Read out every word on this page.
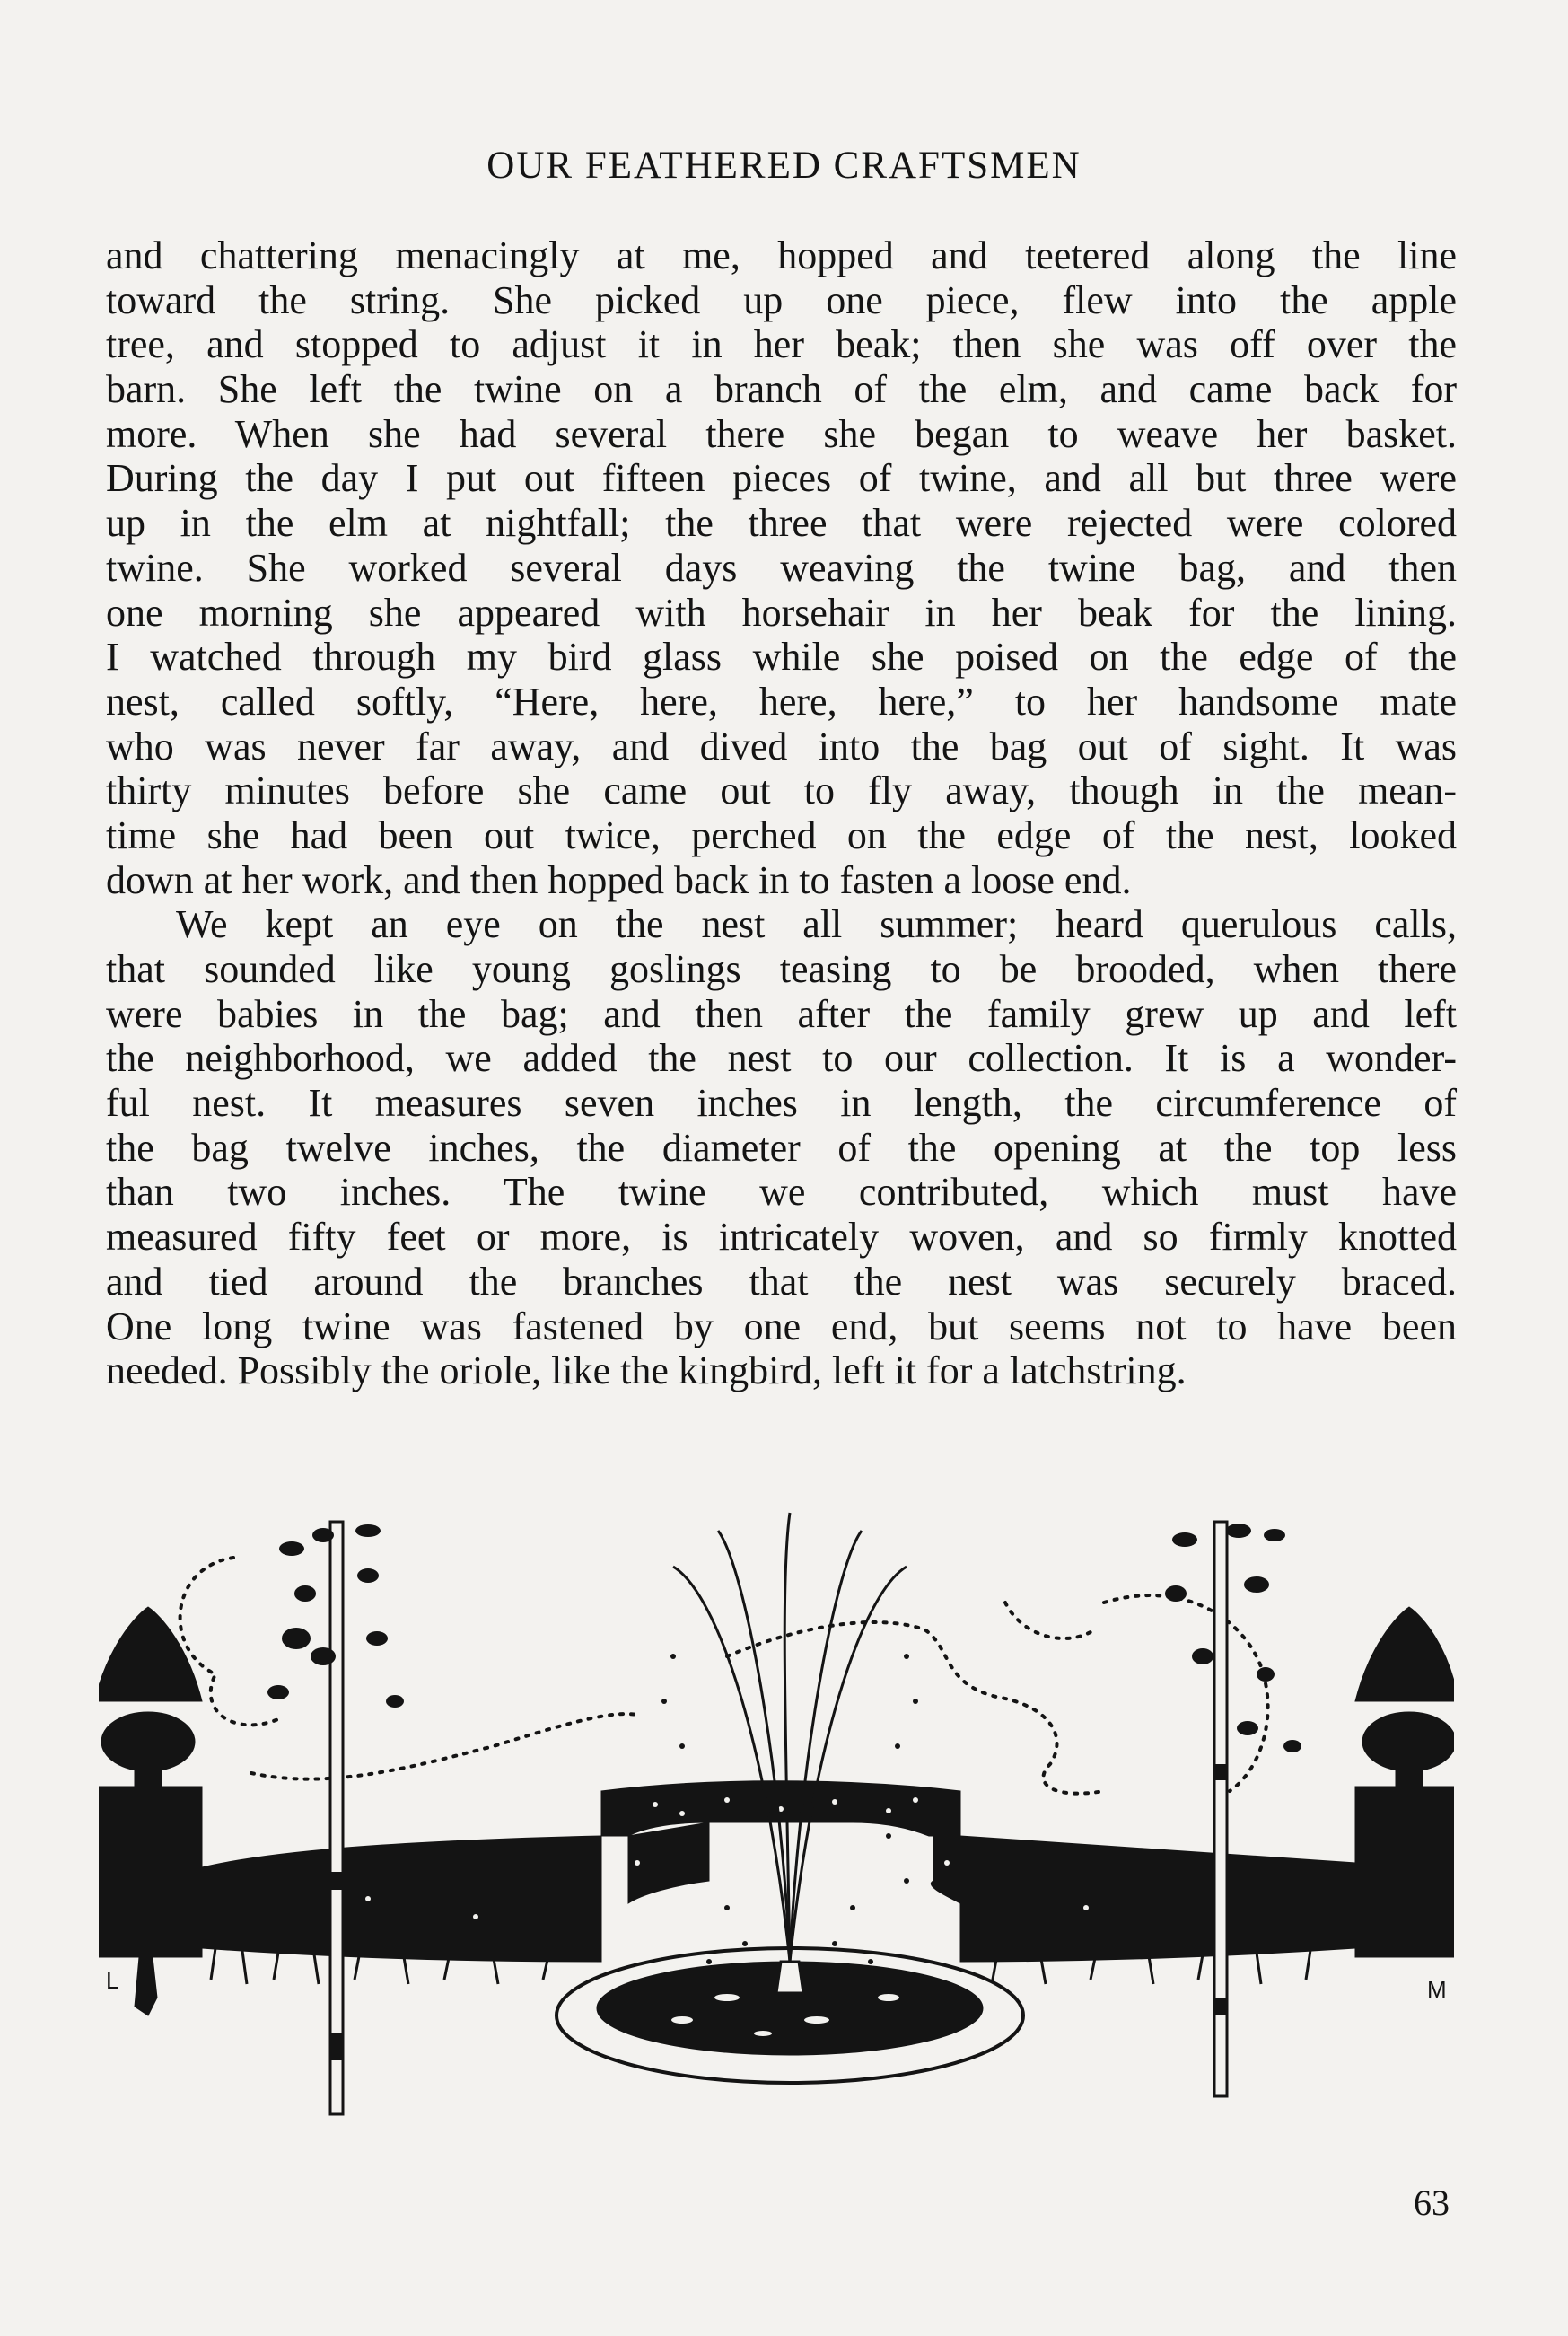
OUR FEATHERED CRAFTSMEN
and chattering menacingly at me, hopped and teetered along the line
toward the string. She picked up one piece, flew into the apple
tree, and stopped to adjust it in her beak; then she was off over the
barn. She left the twine on a branch of the elm, and came back for
more. When she had several there she began to weave her basket.
During the day I put out fifteen pieces of twine, and all but three were
up in the elm at nightfall; the three that were rejected were colored
twine. She worked several days weaving the twine bag, and then
one morning she appeared with horsehair in her beak for the lining.
I watched through my bird glass while she poised on the edge of the
nest, called softly, “Here, here, here, here,” to her handsome mate
who was never far away, and dived into the bag out of sight. It was
thirty minutes before she came out to fly away, though in the mean-
time she had been out twice, perched on the edge of the nest, looked
down at her work, and then hopped back in to fasten a loose end.
We kept an eye on the nest all summer; heard querulous calls,
that sounded like young goslings teasing to be brooded, when there
were babies in the bag; and then after the family grew up and left
the neighborhood, we added the nest to our collection. It is a wonder-
ful nest. It measures seven inches in length, the circumference of
the bag twelve inches, the diameter of the opening at the top less
than two inches. The twine we contributed, which must have
measured fifty feet or more, is intricately woven, and so firmly knotted
and tied around the branches that the nest was securely braced.
One long twine was fastened by one end, but seems not to have been
needed. Possibly the oriole, like the kingbird, left it for a latchstring.
L	M
63
